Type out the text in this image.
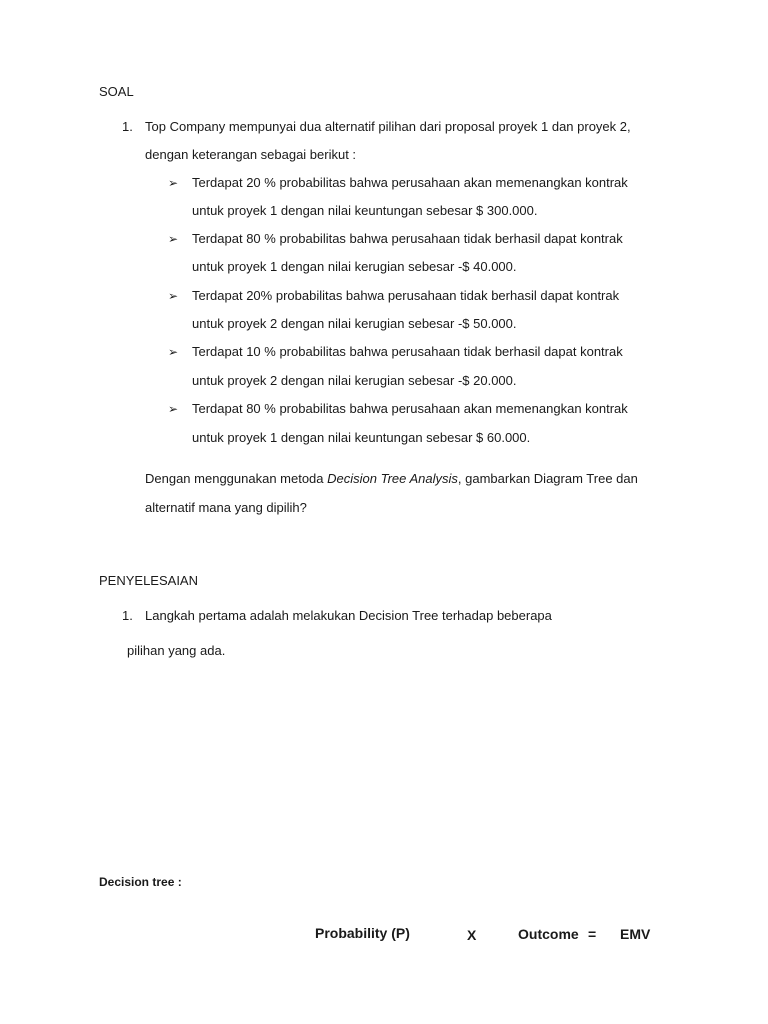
SOAL
1. Top Company mempunyai dua alternatif pilihan dari proposal proyek 1 dan proyek 2,
dengan keterangan sebagai berikut :
➢ Terdapat 20 % probabilitas bahwa perusahaan akan memenangkan kontrak
untuk proyek 1 dengan nilai keuntungan sebesar $ 300.000.
➢ Terdapat 80 % probabilitas bahwa perusahaan tidak berhasil dapat kontrak
untuk proyek 1 dengan nilai kerugian sebesar -$ 40.000.
➢ Terdapat 20% probabilitas bahwa perusahaan tidak berhasil dapat kontrak
untuk proyek 2 dengan nilai kerugian sebesar -$ 50.000.
➢ Terdapat 10 % probabilitas bahwa perusahaan tidak berhasil dapat kontrak
untuk proyek 2 dengan nilai kerugian sebesar -$ 20.000.
➢ Terdapat 80 % probabilitas bahwa perusahaan akan memenangkan kontrak
untuk proyek 1 dengan nilai keuntungan sebesar $ 60.000.
Dengan menggunakan metoda Decision Tree Analysis, gambarkan Diagram Tree dan
alternatif mana yang dipilih?
PENYELESAIAN
1. Langkah pertama adalah melakukan Decision Tree terhadap beberapa
pilihan yang ada.
Decision tree :
Probability (P)	X	Outcome = EMV
